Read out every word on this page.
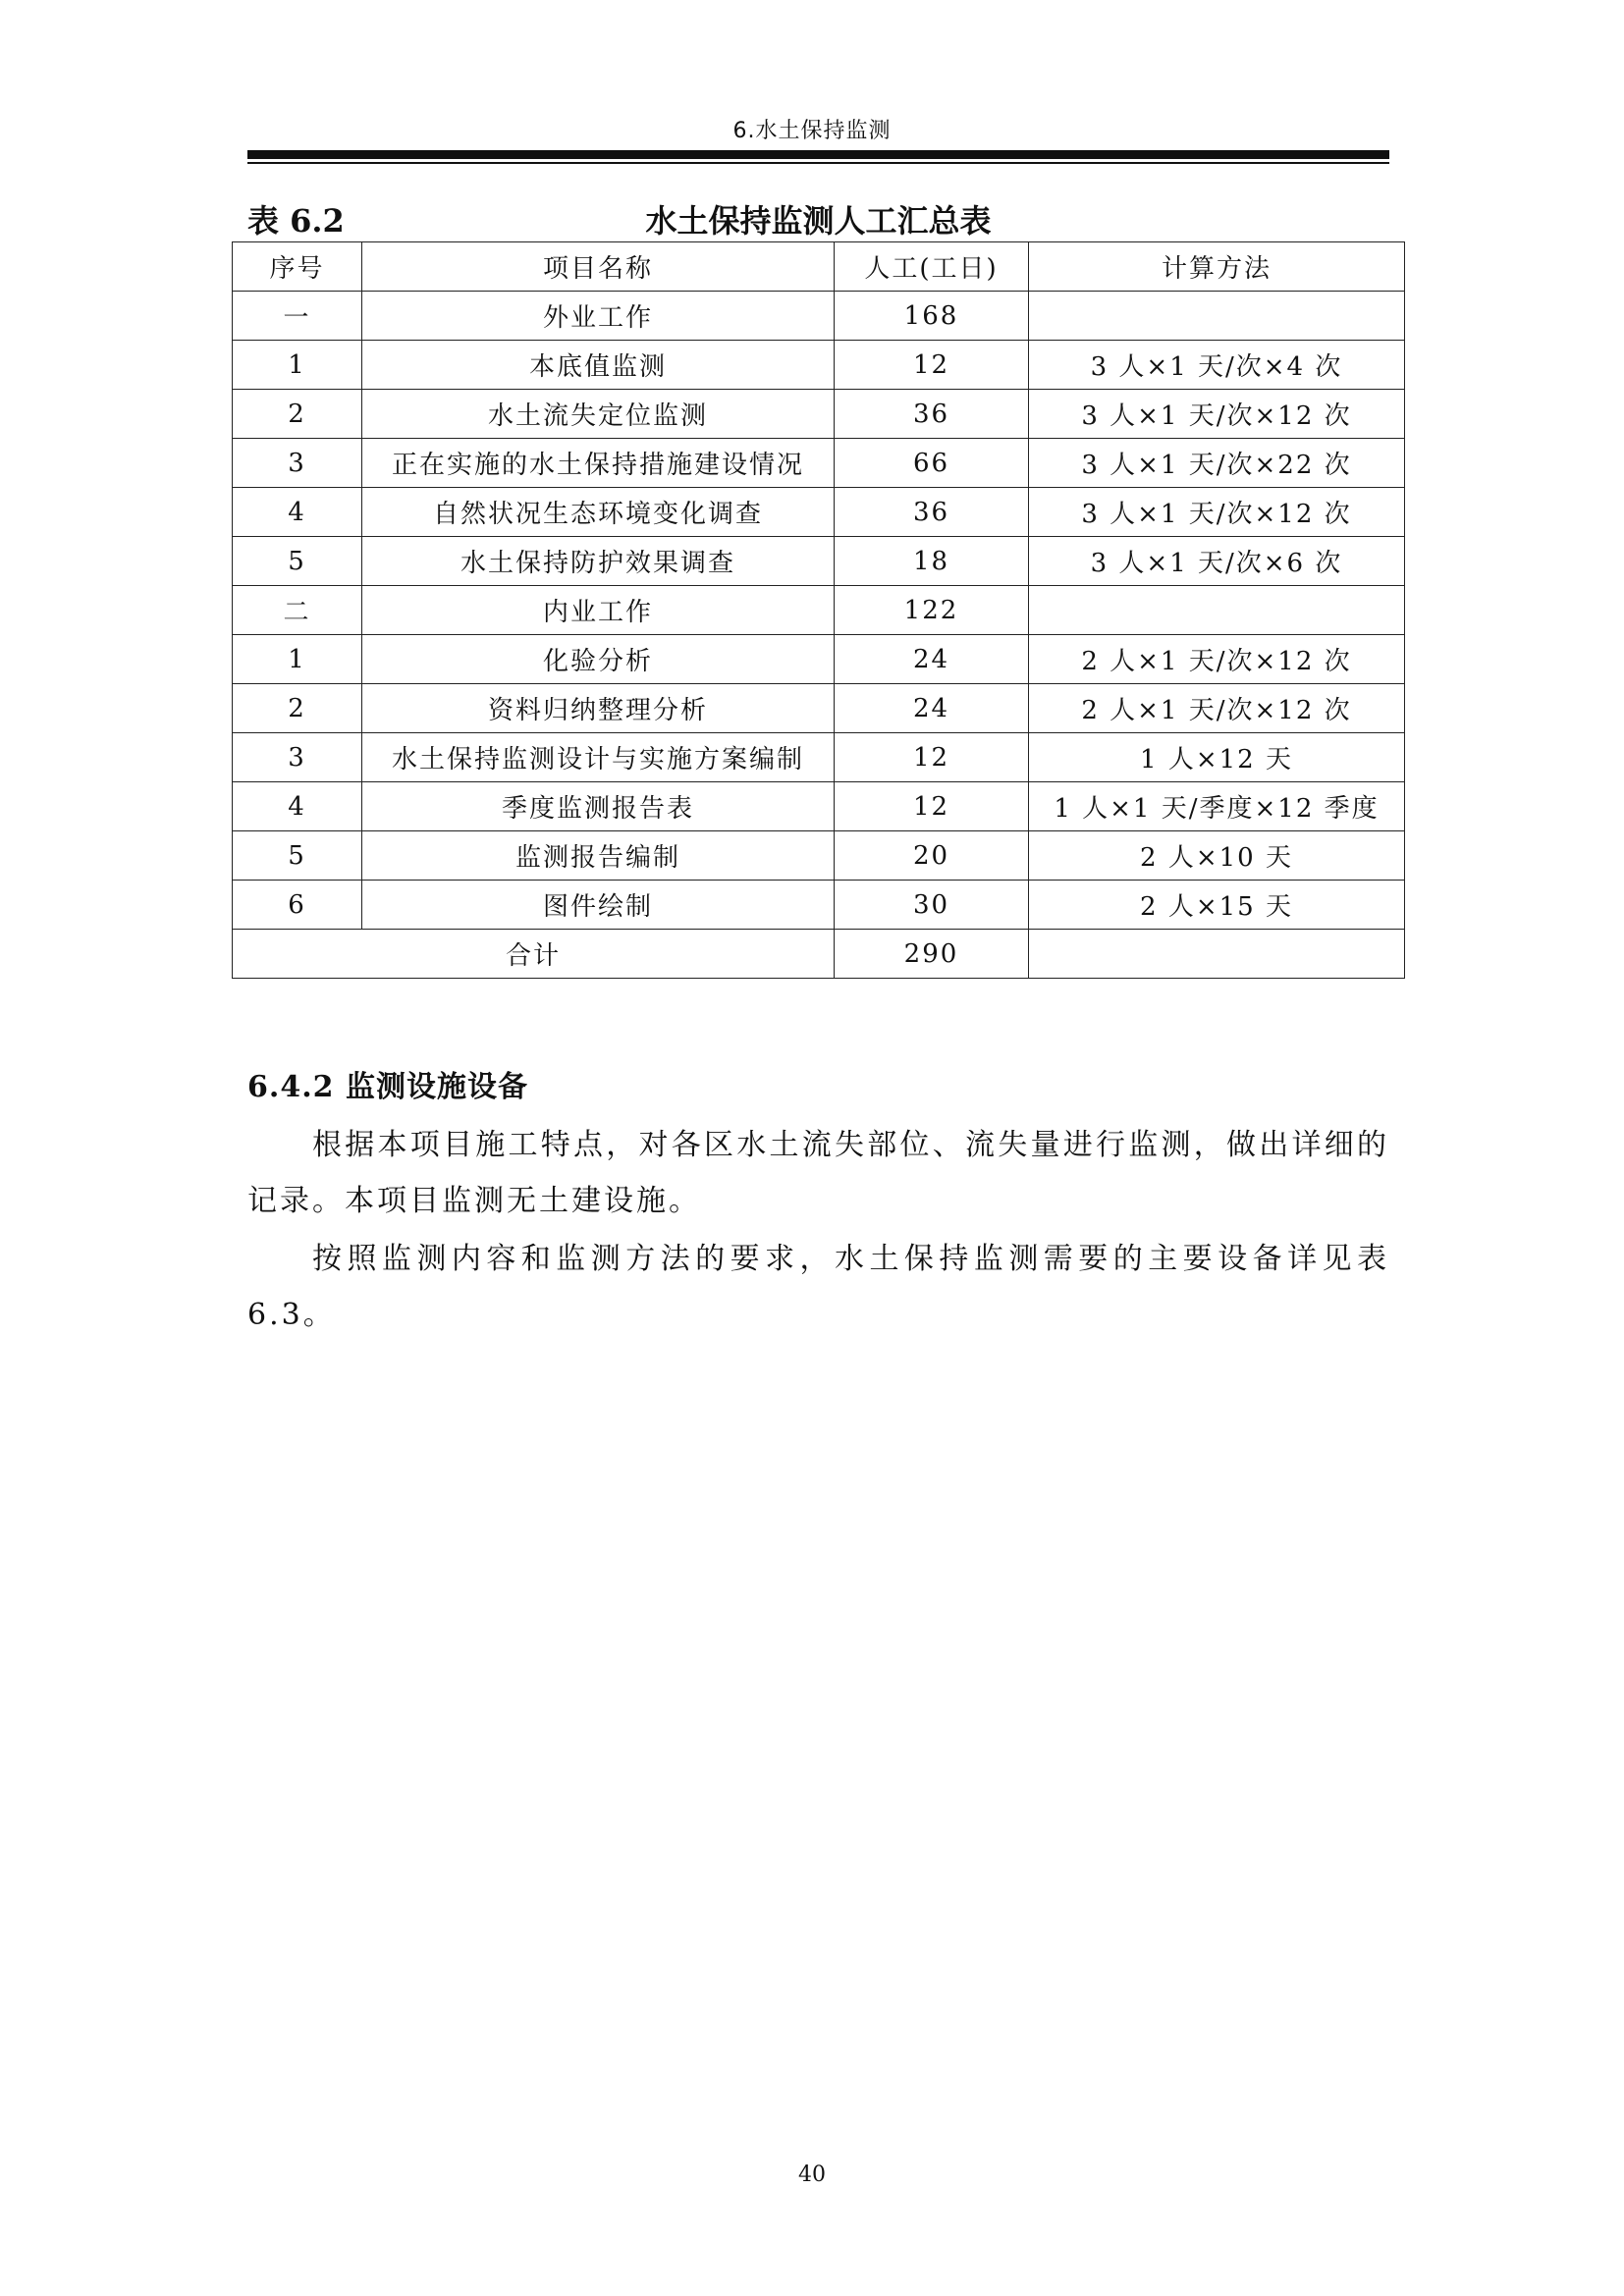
6.水土保持监测
表 6.2	水土保持监测人工汇总表
序号	项目名称	人工(工日)	计算方法
一	外业工作	168	
1	本底值监测	12	3 人×1 天/次×4 次
2	水土流失定位监测	36	3 人×1 天/次×12 次
3	正在实施的水土保持措施建设情况	66	3 人×1 天/次×22 次
4	自然状况生态环境变化调查	36	3 人×1 天/次×12 次
5	水土保持防护效果调查	18	3 人×1 天/次×6 次
二	内业工作	122	
1	化验分析	24	2 人×1 天/次×12 次
2	资料归纳整理分析	24	2 人×1 天/次×12 次
3	水土保持监测设计与实施方案编制	12	1 人×12 天
4	季度监测报告表	12	1 人×1 天/季度×12 季度
5	监测报告编制	20	2 人×10 天
6	图件绘制	30	2 人×15 天
合计		290	
6.4.2 监测设施设备

根据本项目施工特点，对各区水土流失部位、流失量进行监测，做出详细的记录。本项目监测无土建设施。

按照监测内容和监测方法的要求，水土保持监测需要的主要设备详见表 6.3。

40
